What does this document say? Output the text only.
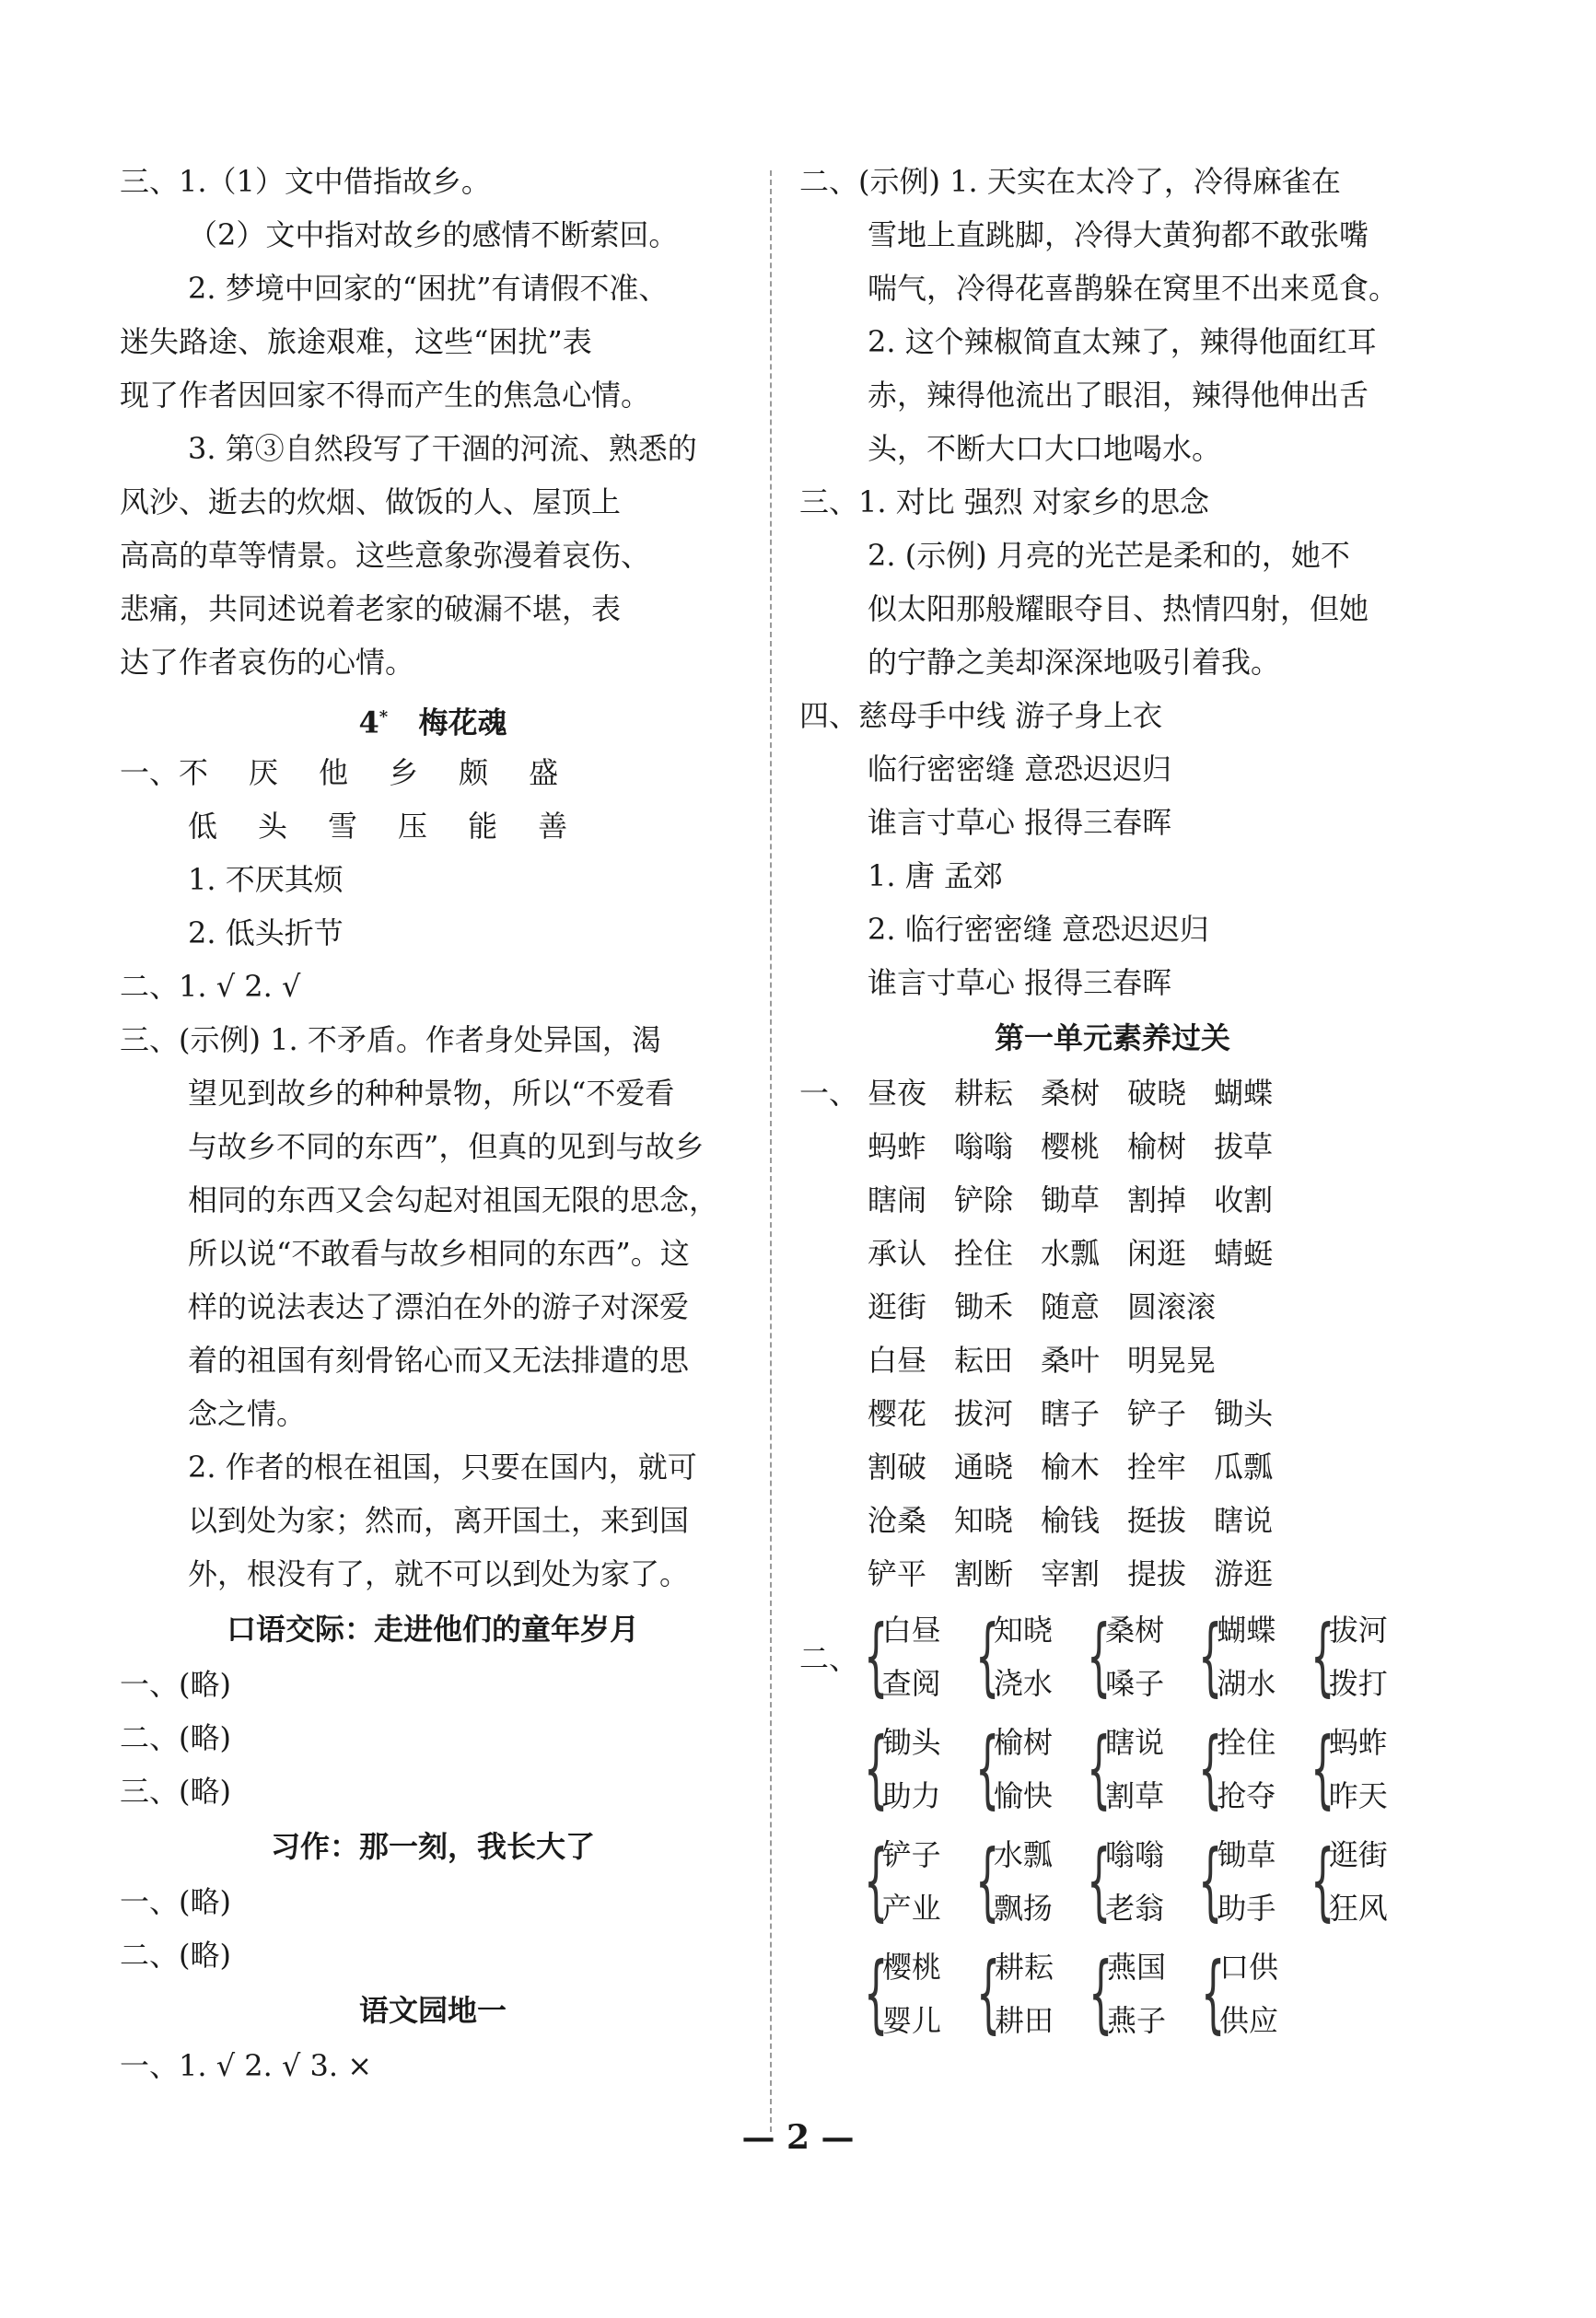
三、1.（1）文中借指故乡。
（2）文中指对故乡的感情不断萦回。
2. 梦境中回家的“困扰”有请假不准、
迷失路途、旅途艰难，这些“困扰”表
现了作者因回家不得而产生的焦急心情。
3. 第③自然段写了干涸的河流、熟悉的
风沙、逝去的炊烟、做饭的人、屋顶上
高高的草等情景。这些意象弥漫着哀伤、
悲痛，共同述说着老家的破漏不堪，表
达了作者哀伤的心情。
4* 梅花魂
一、 不 厌 他 乡 颇 盛
低 头 雪 压 能 善
1. 不厌其烦
2. 低头折节
二、1. √ 2. √
三、(示例) 1. 不矛盾。作者身处异国，渴
望见到故乡的种种景物，所以“不爱看
与故乡不同的东西”，但真的见到与故乡
相同的东西又会勾起对祖国无限的思念，
所以说“不敢看与故乡相同的东西”。这
样的说法表达了漂泊在外的游子对深爱
着的祖国有刻骨铭心而又无法排遣的思
念之情。
2. 作者的根在祖国，只要在国内，就可
以到处为家；然而，离开国土，来到国
外，根没有了，就不可以到处为家了。
口语交际：走进他们的童年岁月
一、(略)
二、(略)
三、(略)
习作：那一刻，我长大了
一、(略)
二、(略)
语文园地一
一、1. √ 2. √ 3. ×
二、(示例) 1. 天实在太冷了，冷得麻雀在
雪地上直跳脚，冷得大黄狗都不敢张嘴
喘气，冷得花喜鹊躲在窝里不出来觅食。
2. 这个辣椒简直太辣了，辣得他面红耳
赤，辣得他流出了眼泪，辣得他伸出舌
头，不断大口大口地喝水。
三、1. 对比 强烈 对家乡的思念
2. (示例) 月亮的光芒是柔和的，她不
似太阳那般耀眼夺目、热情四射，但她
的宁静之美却深深地吸引着我。
四、慈母手中线 游子身上衣
临行密密缝 意恐迟迟归
谁言寸草心 报得三春晖
1. 唐 孟郊
2. 临行密密缝 意恐迟迟归
谁言寸草心 报得三春晖
第一单元素养过关
一、 昼夜 耕耘 桑树 破晓 蝴蝶
蚂蚱 嗡嗡 樱桃 榆树 拔草
瞎闹 铲除 锄草 割掉 收割
承认 拴住 水瓢 闲逛 蜻蜓
逛街 锄禾 随意 圆滚滚
白昼 耘田 桑叶 明晃晃
樱花 拔河 瞎子 铲子 锄头
割破 通晓 榆木 拴牢 瓜瓢
沧桑 知晓 榆钱 挺拔 瞎说
铲平 割断 宰割 提拔 游逛
二、 {
白昼
查阅 {
知晓
浇水 {
桑树
嗓子 {
蝴蝶
湖水 {
拔河
拨打
{
锄头
助力 {
榆树
愉快 {
瞎说
割草 {
拴住
抢夺 {
蚂蚱
昨天
{
铲子
产业 {
水瓢
飘扬 {
嗡嗡
老翁 {
锄草
助手 {
逛街
狂风
{
樱桃
婴儿 {
耕耘
耕田 {
燕国
燕子 {
口供
供应
— 2 —
